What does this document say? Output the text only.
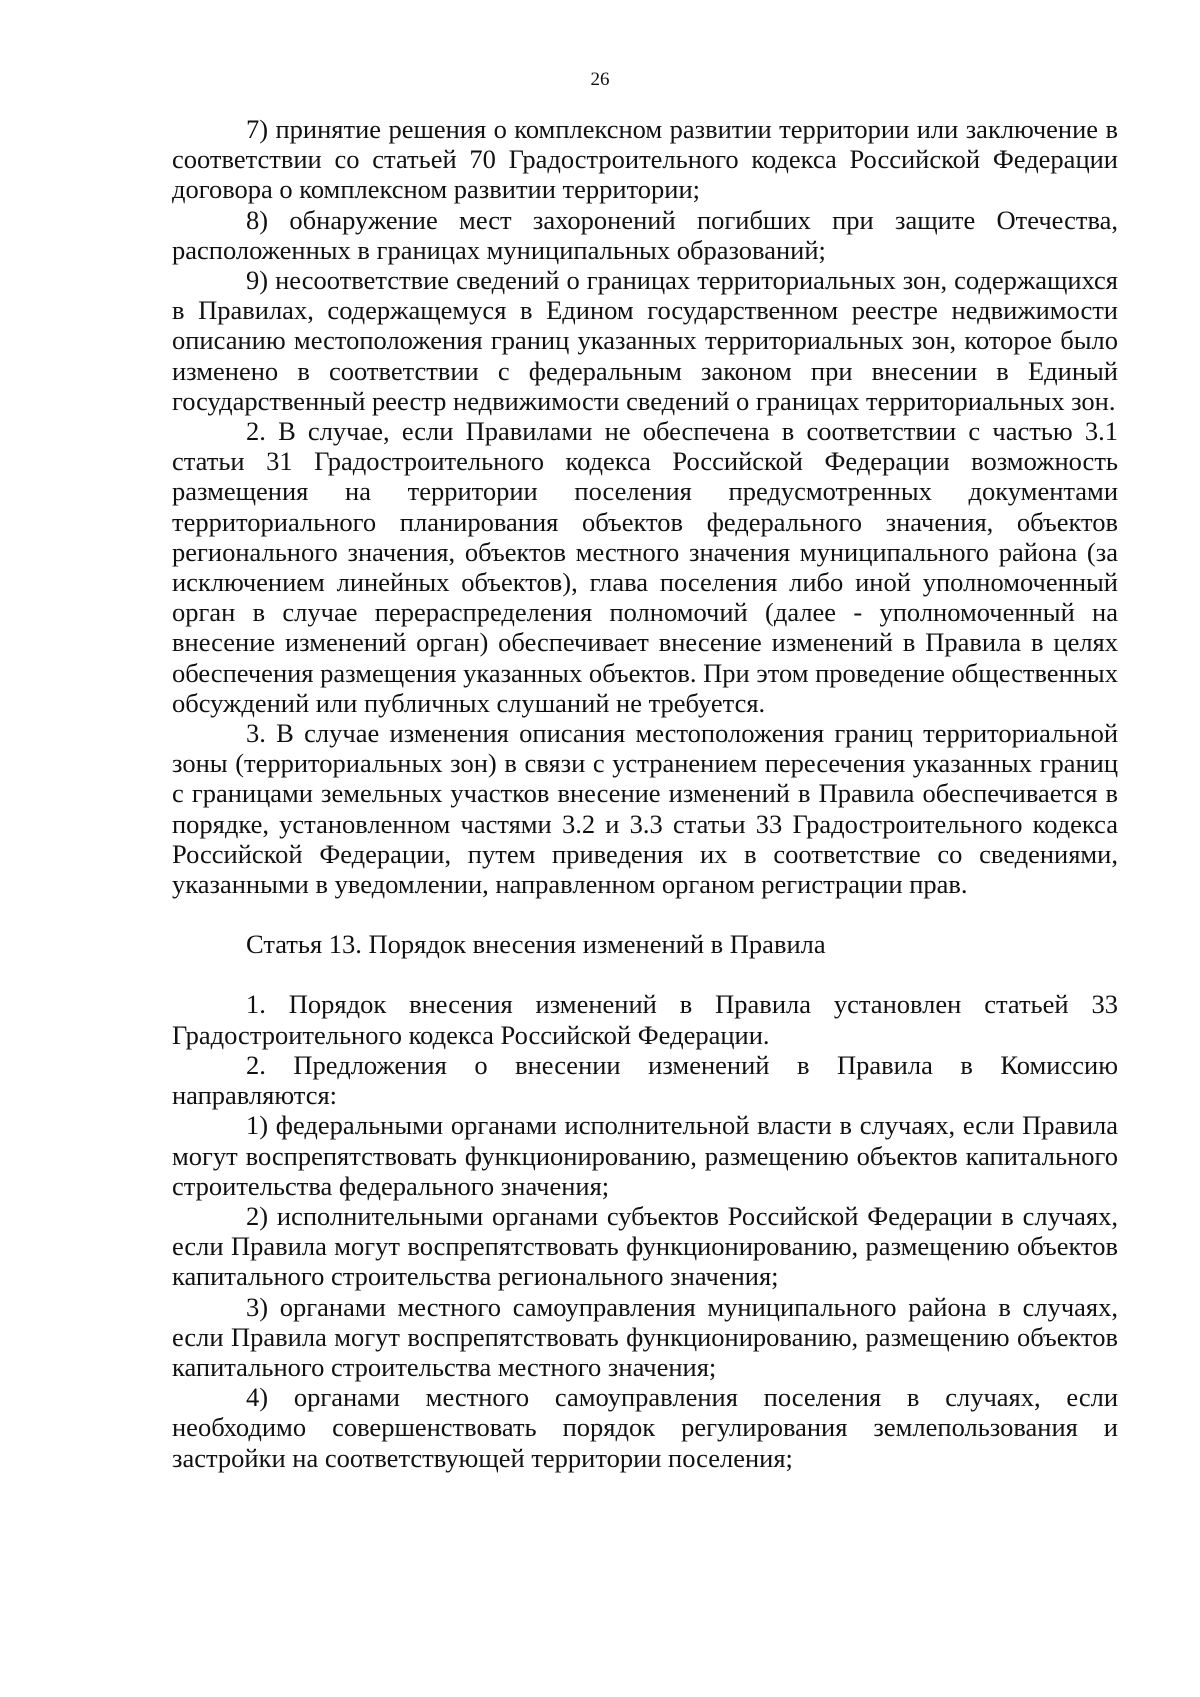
26

7) принятие решения о комплексном развитии территории или заключение в соответствии со статьей 70 Градостроительного кодекса Российской Федерации договора о комплексном развитии территории;

8) обнаружение мест захоронений погибших при защите Отечества, расположенных в границах муниципальных образований;

9) несоответствие сведений о границах территориальных зон, содержащихся в Правилах, содержащемуся в Едином государственном реестре недвижимости описанию местоположения границ указанных территориальных зон, которое было изменено в соответствии с федеральным законом при внесении в Единый государственный реестр недвижимости сведений о границах территориальных зон.

2. В случае, если Правилами не обеспечена в соответствии с частью 3.1 статьи 31 Градостроительного кодекса Российской Федерации возможность размещения на территории поселения предусмотренных документами территориального планирования объектов федерального значения, объектов регионального значения, объектов местного значения муниципального района (за исключением линейных объектов), глава поселения либо иной уполномоченный орган в случае перераспределения полномочий (далее - уполномоченный на внесение изменений орган) обеспечивает внесение изменений в Правила в целях обеспечения размещения указанных объектов. При этом проведение общественных обсуждений или публичных слушаний не требуется.

3. В случае изменения описания местоположения границ территориальной зоны (территориальных зон) в связи с устранением пересечения указанных границ с границами земельных участков внесение изменений в Правила обеспечивается в порядке, установленном частями 3.2 и 3.3 статьи 33 Градостроительного кодекса Российской Федерации, путем приведения их в соответствие со сведениями, указанными в уведомлении, направленном органом регистрации прав.

Статья 13. Порядок внесения изменений в Правила

1. Порядок внесения изменений в Правила установлен статьей 33 Градостроительного кодекса Российской Федерации.

2. Предложения о внесении изменений в Правила в Комиссию направляются:

1) федеральными органами исполнительной власти в случаях, если Правила могут воспрепятствовать функционированию, размещению объектов капитального строительства федерального значения;

2) исполнительными органами субъектов Российской Федерации в случаях, если Правила могут воспрепятствовать функционированию, размещению объектов капитального строительства регионального значения;

3) органами местного самоуправления муниципального района в случаях, если Правила могут воспрепятствовать функционированию, размещению объектов капитального строительства местного значения;

4) органами местного самоуправления поселения в случаях, если необходимо совершенствовать порядок регулирования землепользования и застройки на соответствующей территории поселения;
